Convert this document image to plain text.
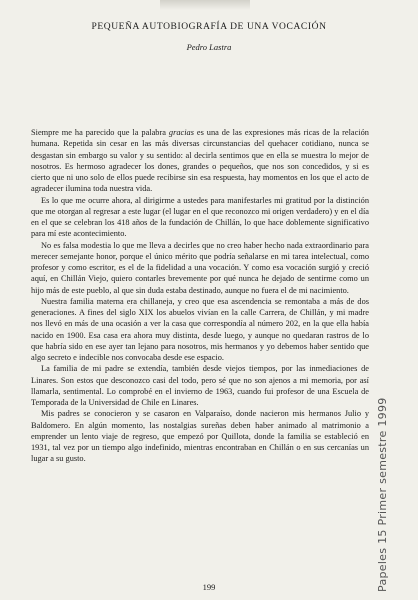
PEQUEÑA AUTOBIOGRAFÍA DE UNA VOCACIÓN
Pedro Lastra

Siempre me ha parecido que la palabra gracias es una de las expresiones más ricas de la relación humana. Repetida sin cesar en las más diversas circunstancias del quehacer cotidiano, nunca se desgastan sin embargo su valor y su sentido: al decirla sentimos que en ella se muestra lo mejor de nosotros. Es hermoso agradecer los dones, grandes o pequeños, que nos son concedidos, y si es cierto que ni uno solo de ellos puede recibirse sin esa respuesta, hay momentos en los que el acto de agradecer ilumina toda nuestra vida.

Es lo que me ocurre ahora, al dirigirme a ustedes para manifestarles mi gratitud por la distinción que me otorgan al regresar a este lugar (el lugar en el que reconozco mi origen verdadero) y en el día en el que se celebran los 418 años de la fundación de Chillán, lo que hace doblemente significativo para mí este acontecimiento.

No es falsa modestia lo que me lleva a decirles que no creo haber hecho nada extraordinario para merecer semejante honor, porque el único mérito que podría señalarse en mi tarea intelectual, como profesor y como escritor, es el de la fidelidad a una vocación. Y como esa vocación surgió y creció aquí, en Chillán Viejo, quiero contarles brevemente por qué nunca he dejado de sentirme como un hijo más de este pueblo, al que sin duda estaba destinado, aunque no fuera el de mi nacimiento.

Nuestra familia materna era chillaneja, y creo que esa ascendencia se remontaba a más de dos generaciones. A fines del siglo XIX los abuelos vivían en la calle Carrera, de Chillán, y mi madre nos llevó en más de una ocasión a ver la casa que correspondía al número 202, en la que ella había nacido en 1900. Esa casa era ahora muy distinta, desde luego, y aunque no quedaran rastros de lo que habría sido en ese ayer tan lejano para nosotros, mis hermanos y yo debemos haber sentido que algo secreto e indecible nos convocaba desde ese espacio.

La familia de mi padre se extendía, también desde viejos tiempos, por las inmediaciones de Linares. Son estos que desconozco casi del todo, pero sé que no son ajenos a mi memoria, por así llamarla, sentimental. Lo comprobé en el invierno de 1963, cuando fui profesor de una Escuela de Temporada de la Universidad de Chile en Linares.

Mis padres se conocieron y se casaron en Valparaíso, donde nacieron mis hermanos Julio y Baldomero. En algún momento, las nostalgias sureñas deben haber animado al matrimonio a emprender un lento viaje de regreso, que empezó por Quillota, donde la familia se estableció en 1931, tal vez por un tiempo algo indefinido, mientras encontraban en Chillán o en sus cercanías un lugar a su gusto.	Papeles 15 Primer semestre 1999
199
